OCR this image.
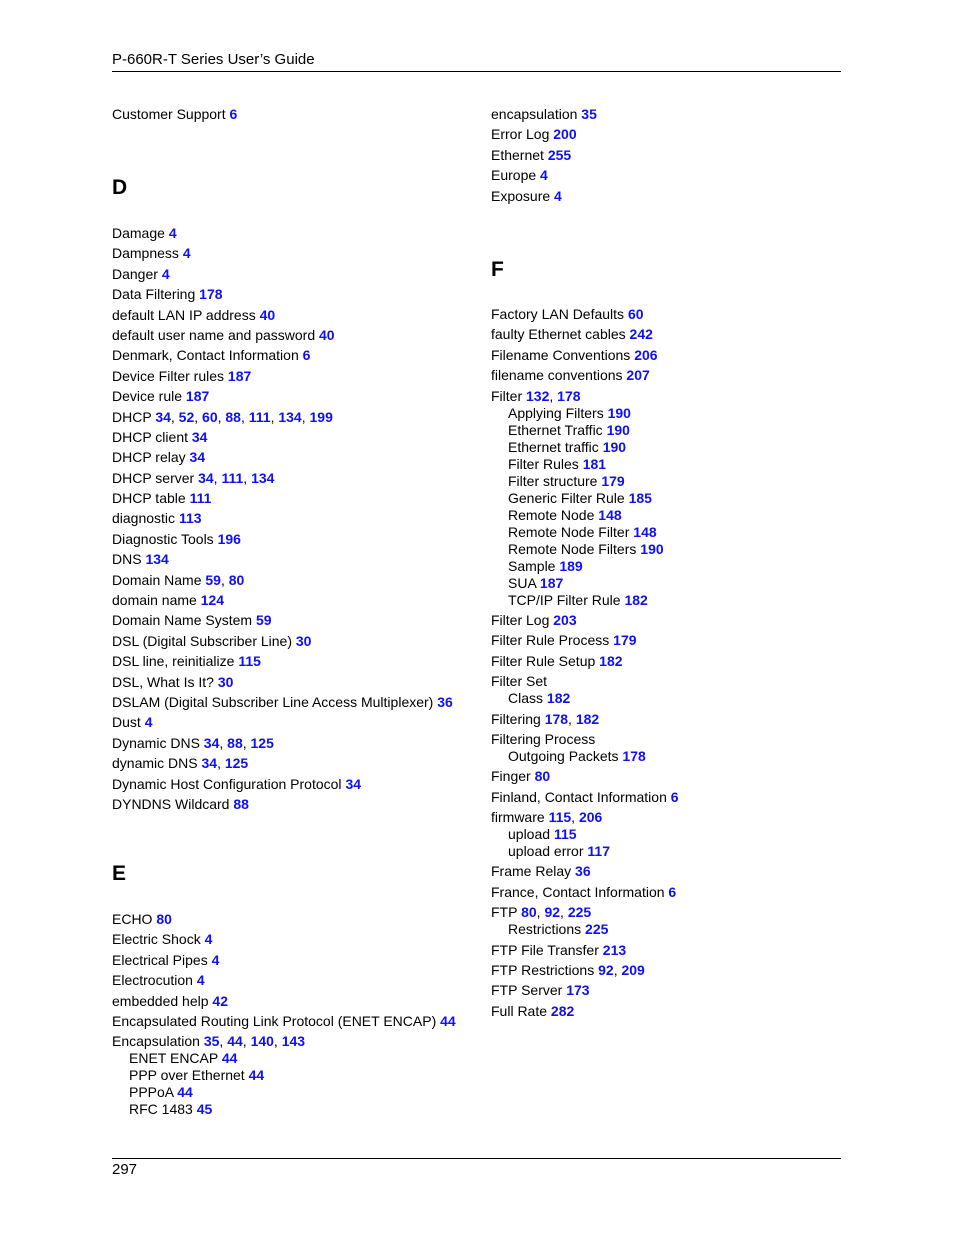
P-660R-T Series User’s Guide
Customer Support 6
D
Damage 4
Dampness 4
Danger 4
Data Filtering 178
default LAN IP address 40
default user name and password 40
Denmark, Contact Information 6
Device Filter rules 187
Device rule 187
DHCP 34, 52, 60, 88, 111, 134, 199
DHCP client 34
DHCP relay 34
DHCP server 34, 111, 134
DHCP table 111
diagnostic 113
Diagnostic Tools 196
DNS 134
Domain Name 59, 80
domain name 124
Domain Name System 59
DSL (Digital Subscriber Line) 30
DSL line, reinitialize 115
DSL, What Is It? 30
DSLAM (Digital Subscriber Line Access Multiplexer) 36
Dust 4
Dynamic DNS 34, 88, 125
dynamic DNS 34, 125
Dynamic Host Configuration Protocol 34
DYNDNS Wildcard 88
E
ECHO 80
Electric Shock 4
Electrical Pipes 4
Electrocution 4
embedded help 42
Encapsulated Routing Link Protocol (ENET ENCAP) 44
Encapsulation 35, 44, 140, 143
ENET ENCAP 44
PPP over Ethernet 44
PPPoA 44
RFC 1483 45
encapsulation 35
Error Log 200
Ethernet 255
Europe 4
Exposure 4
F
Factory LAN Defaults 60
faulty Ethernet cables 242
Filename Conventions 206
filename conventions 207
Filter 132, 178
Applying Filters 190
Ethernet Traffic 190
Ethernet traffic 190
Filter Rules 181
Filter structure 179
Generic Filter Rule 185
Remote Node 148
Remote Node Filter 148
Remote Node Filters 190
Sample 189
SUA 187
TCP/IP Filter Rule 182
Filter Log 203
Filter Rule Process 179
Filter Rule Setup 182
Filter Set
Class 182
Filtering 178, 182
Filtering Process
Outgoing Packets 178
Finger 80
Finland, Contact Information 6
firmware 115, 206
upload 115
upload error 117
Frame Relay 36
France, Contact Information 6
FTP 80, 92, 225
Restrictions 225
FTP File Transfer 213
FTP Restrictions 92, 209
FTP Server 173
Full Rate 282
297
